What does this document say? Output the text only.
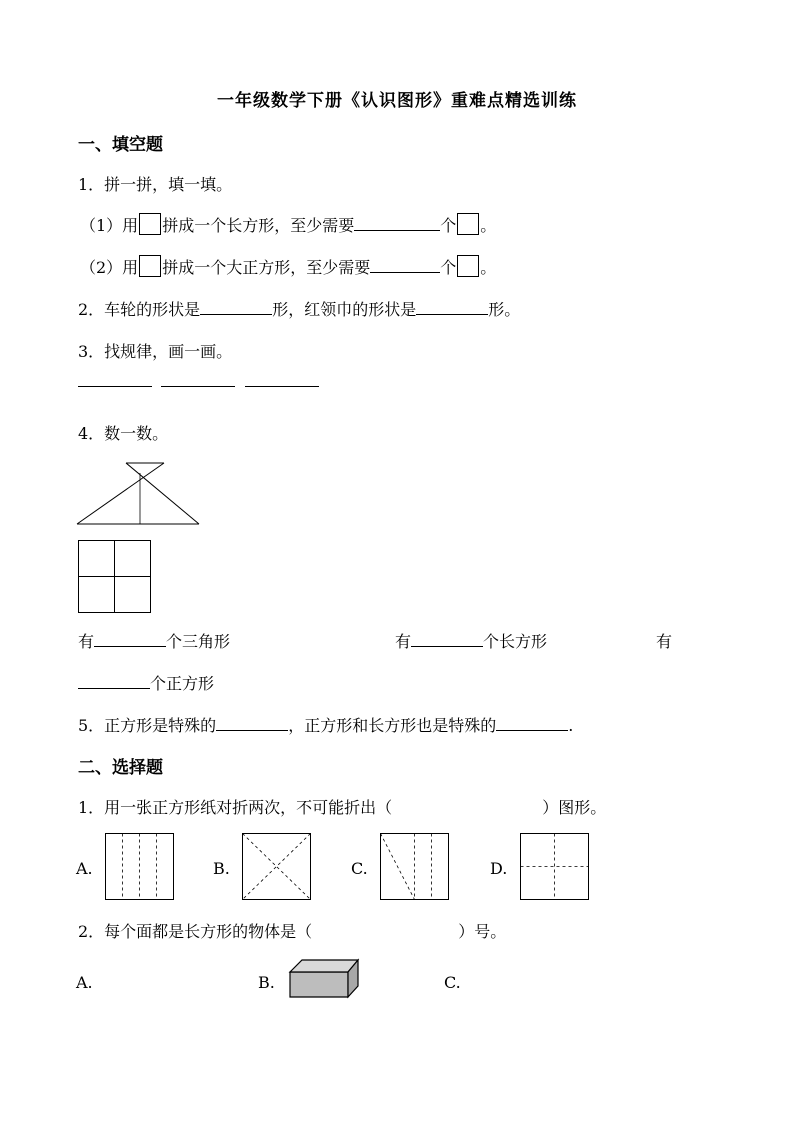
一年级数学下册《认识图形》重难点精选训练
一、填空题
1．拼一拼，填一填。
（1）用 拼成一个长方形，至少需要	个 。
（2）用 拼成一个大正方形，至少需要	个 。
2．车轮的形状是	形，红领巾的形状是	形。
3．找规律，画一画。
4．数一数。
有	个三角形	有	个长方形	有
个正方形
5．正方形是特殊的	，正方形和长方形也是特殊的	.
二、选择题
1．用一张正方形纸对折两次，不可能折出（	）图形。
A.	B.	C.	D.
2．每个面都是长方形的物体是（	）号。
A.	B.	C.
